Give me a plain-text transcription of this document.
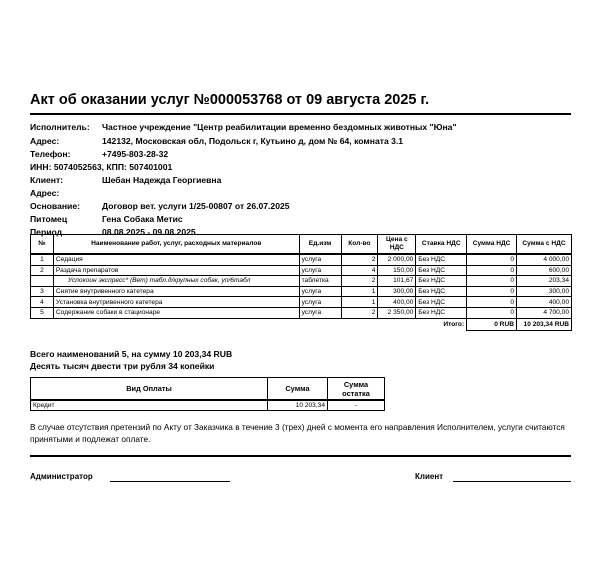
Акт об оказании услуг №000053768 от 09 августа 2025 г.
Исполнитель: Частное учреждение "Центр реабилитации временно бездомных животных "Юна"
Адрес:	142132, Московская обл, Подольск г, Кутьино д, дом № 64, комната 3.1
Телефон:	+7495-803-28-32
ИНН: 5074052563, КПП: 507401001
Клиент:	Шебан Надежда Георгиевна
Адрес:
Основание:	Договор вет. услуги 1/25-00807 от 26.07.2025
Питомец	Гена Собака Метис
Период	08.08.2025 - 09.08.2025
№	Наименование работ, услуг, расходных материалов	Ед.изм	Кол-во	Цена с НДС	Ставка НДС	Сумма НДС	Сумма с НДС
1	Седация	услуга	2	2 000,00	Без НДС	0	4 000,00
2	Раздача препаратов	услуга	4	150,00	Без НДС	0	600,00
	Успокоин экспресс* (Вет) табл.д/крупных собак, уп/6табл	таблетка	2	101,67	Без НДС	0	203,34
3	Снятие внутривенного катетера	услуга	1	300,00	Без НДС	0	300,00
4	Установка внутривенного катетера	услуга	1	400,00	Без НДС	0	400,00
5	Содержание собаки в стационаре	услуга	2	2 350,00	Без НДС	0	4 700,00
					Итого:	0 RUB	10 203,34 RUB
Всего наименований 5, на сумму 10 203,34 RUB
Десять тысяч двести три рубля 34 копейки
Вид Оплаты	Сумма	Сумма остатка
Кредит	10 203,34	-
В случае отсутствия претензий по Акту от Заказчика в течение 3 (трех) дней с момента его направления Исполнителем, услуги считаются принятыми и подлежат оплате.
Администратор	Клиент
